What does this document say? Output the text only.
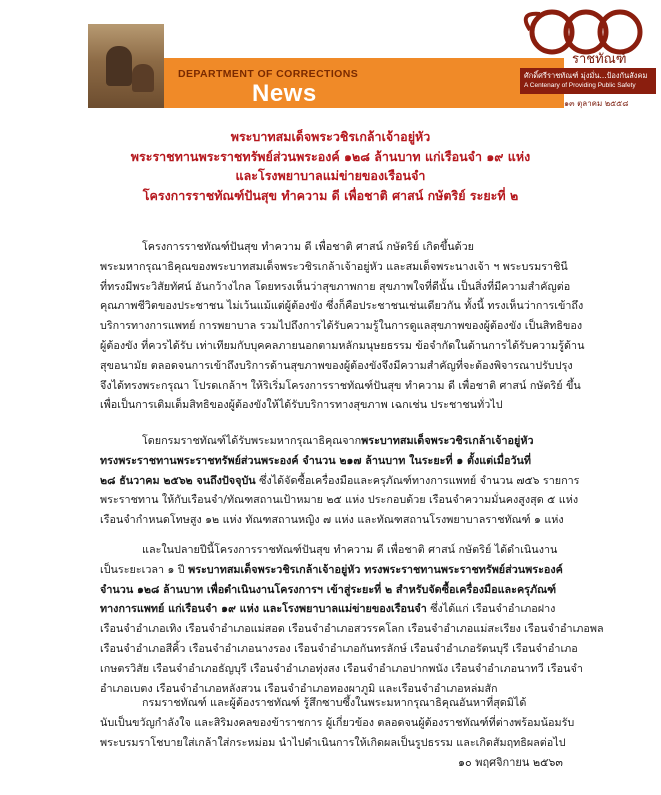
DEPARTMENT OF CORRECTIONS
News
ราชทัณฑ์
ศักดิ์ศรีราชทัณฑ์ มุ่งมั่น...ป้องกันสังคม
A Centenary of Providing Public Safety
๑๓ ตุลาคม ๒๕๕๘
พระบาทสมเด็จพระวชิรเกล้าเจ้าอยู่หัว
พระราชทานพระราชทรัพย์ส่วนพระองค์ ๑๒๘ ล้านบาท แก่เรือนจำ ๑๙ แห่ง
และโรงพยาบาลแม่ข่ายของเรือนจำ
โครงการราชทัณฑ์ปันสุข ทำความ ดี เพื่อชาติ ศาสน์ กษัตริย์ ระยะที่ ๒
โครงการราชทัณฑ์ปันสุข ทำความ ดี เพื่อชาติ ศาสน์ กษัตริย์ เกิดขึ้นด้วย
พระมหากรุณาธิคุณของพระบาทสมเด็จพระวชิรเกล้าเจ้าอยู่หัว และสมเด็จพระนางเจ้า ฯ พระบรมราชินี
ที่ทรงมีพระวิสัยทัศน์ อันกว้างไกล โดยทรงเห็นว่าสุขภาพกาย สุขภาพใจที่ดีนั้น เป็นสิ่งที่มีความสำคัญต่อ
คุณภาพชีวิตของประชาชน ไม่เว้นแม้แต่ผู้ต้องขัง ซึ่งก็คือประชาชนเช่นเดียวกัน ทั้งนี้ ทรงเห็นว่าการเข้าถึง
บริการทางการแพทย์ การพยาบาล รวมไปถึงการได้รับความรู้ในการดูแลสุขภาพของผู้ต้องขัง เป็นสิทธิของ
ผู้ต้องขัง ที่ควรได้รับ เท่าเทียมกับบุคคลภายนอกตามหลักมนุษยธรรม ข้อจำกัดในด้านการได้รับความรู้ด้าน
สุขอนามัย ตลอดจนการเข้าถึงบริการด้านสุขภาพของผู้ต้องขังจึงมีความสำคัญที่จะต้องพิจารณาปรับปรุง
จึงได้ทรงพระกรุณา โปรดเกล้าฯ ให้ริเริ่มโครงการราชทัณฑ์ปันสุข ทำความ ดี เพื่อชาติ ศาสน์ กษัตริย์ ขึ้น
เพื่อเป็นการเติมเต็มสิทธิของผู้ต้องขังให้ได้รับบริการทางสุขภาพ เฉกเช่น ประชาชนทั่วไป
โดยกรมราชทัณฑ์ได้รับพระมหากรุณาธิคุณจากพระบาทสมเด็จพระวชิรเกล้าเจ้าอยู่หัว
ทรงพระราชทานพระราชทรัพย์ส่วนพระองค์ จำนวน ๒๑๗ ล้านบาท ในระยะที่ ๑ ตั้งแต่เมื่อวันที่
๒๘ ธันวาคม ๒๕๖๒ จนถึงปัจจุบัน ซึ่งได้จัดซื้อเครื่องมือและครุภัณฑ์ทางการแพทย์ จำนวน ๗๕๖ รายการ
พระราชทาน ให้กับเรือนจำ/ทัณฑสถานเป้าหมาย ๒๕ แห่ง ประกอบด้วย เรือนจำความมั่นคงสูงสุด ๕ แห่ง
เรือนจำกำหนดโทษสูง ๑๒ แห่ง ทัณฑสถานหญิง ๗ แห่ง และทัณฑสถานโรงพยาบาลราชทัณฑ์ ๑ แห่ง
และในปลายปีนี้โครงการราชทัณฑ์ปันสุข ทำความ ดี เพื่อชาติ ศาสน์ กษัตริย์ ได้ดำเนินงาน
เป็นระยะเวลา ๑ ปี พระบาทสมเด็จพระวชิรเกล้าเจ้าอยู่หัว ทรงพระราชทานพระราชทรัพย์ส่วนพระองค์
จำนวน ๑๒๘ ล้านบาท เพื่อดำเนินงานโครงการฯ เข้าสู่ระยะที่ ๒ สำหรับจัดซื้อเครื่องมือและครุภัณฑ์
ทางการแพทย์ แก่เรือนจำ ๑๙ แห่ง และโรงพยาบาลแม่ข่ายของเรือนจำ ซึ่งได้แก่ เรือนจำอำเภอฝาง
เรือนจำอำเภอเทิง เรือนจำอำเภอแม่สอด เรือนจำอำเภอสวรรคโลก เรือนจำอำเภอแม่สะเรียง เรือนจำอำเภอพล
เรือนจำอำเภอสีคิ้ว เรือนจำอำเภอนางรอง เรือนจำอำเภอกันทรลักษ์ เรือนจำอำเภอรัตนบุรี เรือนจำอำเภอ
เกษตรวิสัย เรือนจำอำเภอธัญบุรี เรือนจำอำเภอทุ่งสง เรือนจำอำเภอปากพนัง เรือนจำอำเภอนาทวี เรือนจำ
อำเภอเบตง เรือนจำอำเภอหลังสวน เรือนจำอำเภอทองผาภูมิ และเรือนจำอำเภอหล่มสัก
กรมราชทัณฑ์ และผู้ต้องราชทัณฑ์ รู้สึกซาบซึ้งในพระมหากรุณาธิคุณอันหาที่สุดมิได้
นับเป็นขวัญกำลังใจ และสิริมงคลของข้าราชการ ผู้เกี่ยวข้อง ตลอดจนผู้ต้องราชทัณฑ์ที่ต่างพร้อมน้อมรับ
พระบรมราโชบายใส่เกล้าใส่กระหม่อม นำไปดำเนินการให้เกิดผลเป็นรูปธรรม และเกิดสัมฤทธิผลต่อไป
๑๐ พฤศจิกายน ๒๕๖๓
